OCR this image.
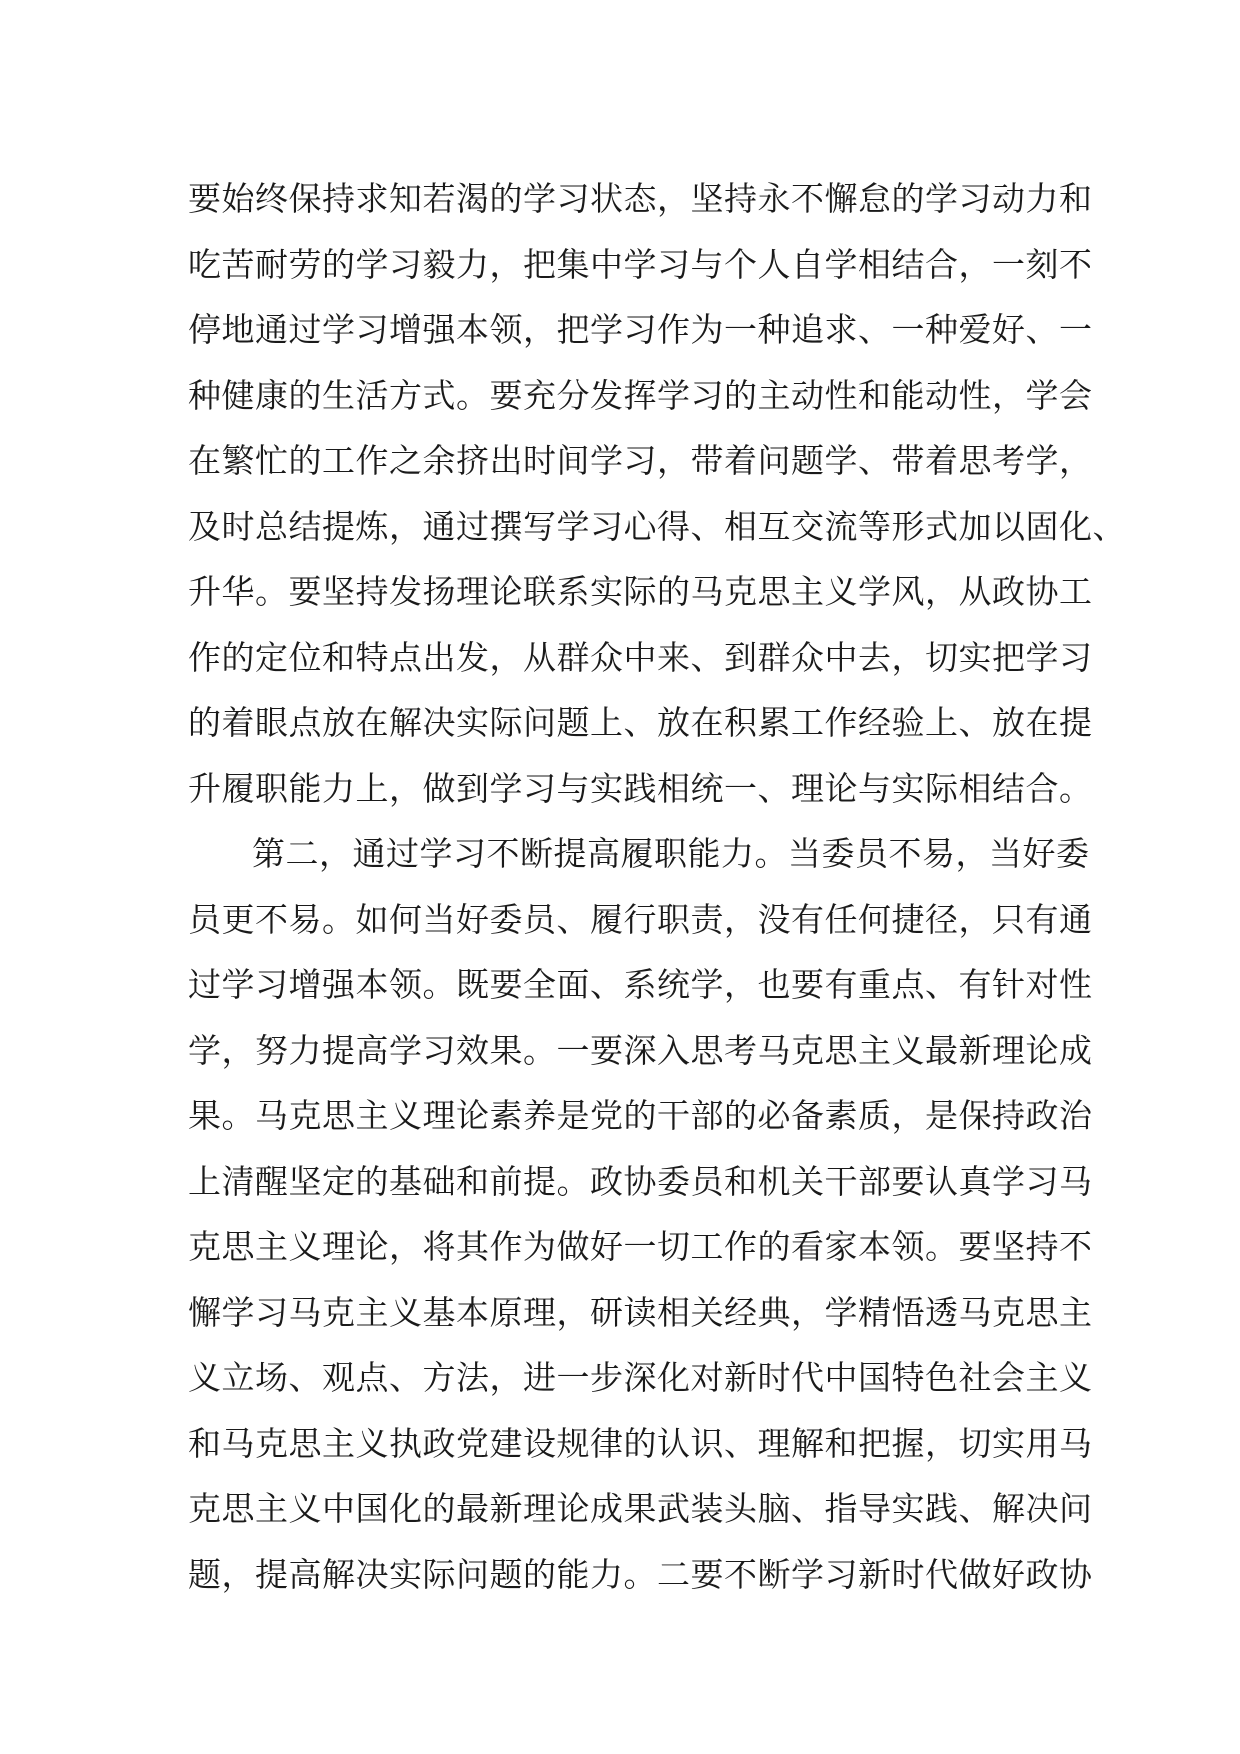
要始终保持求知若渴的学习状态，坚持永不懈怠的学习动力和
吃苦耐劳的学习毅力，把集中学习与个人自学相结合，一刻不
停地通过学习增强本领，把学习作为一种追求、一种爱好、一
种健康的生活方式。要充分发挥学习的主动性和能动性，学会
在繁忙的工作之余挤出时间学习，带着问题学、带着思考学，
及时总结提炼，通过撰写学习心得、相互交流等形式加以固化、
升华。要坚持发扬理论联系实际的马克思主义学风，从政协工
作的定位和特点出发，从群众中来、到群众中去，切实把学习
的着眼点放在解决实际问题上、放在积累工作经验上、放在提
升履职能力上，做到学习与实践相统一、理论与实际相结合。
第二，通过学习不断提高履职能力。当委员不易，当好委
员更不易。如何当好委员、履行职责，没有任何捷径，只有通
过学习增强本领。既要全面、系统学，也要有重点、有针对性
学，努力提高学习效果。一要深入思考马克思主义最新理论成
果。马克思主义理论素养是党的干部的必备素质，是保持政治
上清醒坚定的基础和前提。政协委员和机关干部要认真学习马
克思主义理论，将其作为做好一切工作的看家本领。要坚持不
懈学习马克主义基本原理，研读相关经典，学精悟透马克思主
义立场、观点、方法，进一步深化对新时代中国特色社会主义
和马克思主义执政党建设规律的认识、理解和把握，切实用马
克思主义中国化的最新理论成果武装头脑、指导实践、解决问
题，提高解决实际问题的能力。二要不断学习新时代做好政协
